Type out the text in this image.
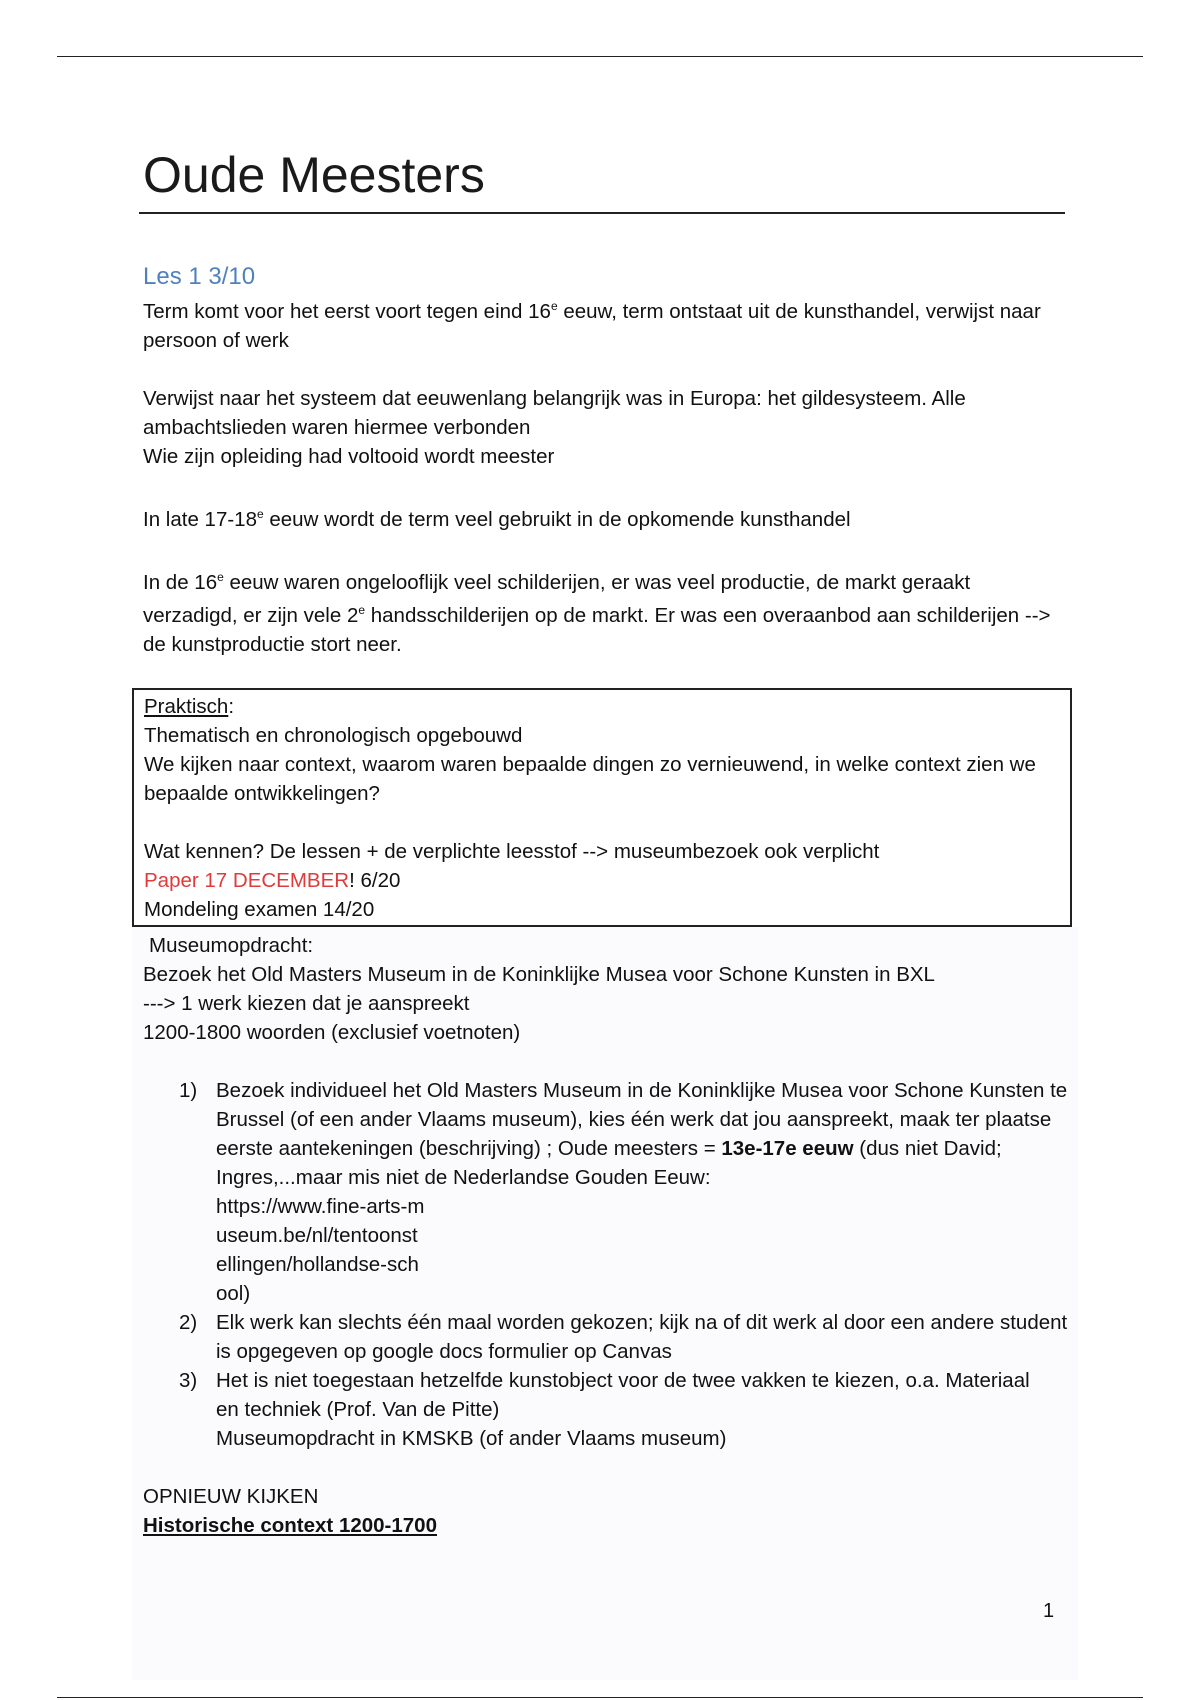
Oude Meesters
Les 1 3/10

Term komt voor het eerst voort tegen eind 16e eeuw, term ontstaat uit de kunsthandel, verwijst naar persoon of werk

Verwijst naar het systeem dat eeuwenlang belangrijk was in Europa: het gildesysteem. Alle ambachtslieden waren hiermee verbonden

Wie zijn opleiding had voltooid wordt meester

In late 17-18e eeuw wordt de term veel gebruikt in de opkomende kunsthandel

In de 16e eeuw waren ongelooflijk veel schilderijen, er was veel productie, de markt geraakt verzadigd, er zijn vele 2e handsschilderijen op de markt. Er was een overaanbod aan schilderijen --> de kunstproductie stort neer.

Praktisch:

Thematisch en chronologisch opgebouwd

We kijken naar context, waarom waren bepaalde dingen zo vernieuwend, in welke context zien we bepaalde ontwikkelingen?

Wat kennen? De lessen + de verplichte leesstof --> museumbezoek ook verplicht

Paper 17 DECEMBER! 6/20

Mondeling examen 14/20

Museumopdracht:

Bezoek het Old Masters Museum in de Koninklijke Musea voor Schone Kunsten in BXL

---> 1 werk kiezen dat je aanspreekt

1200-1800 woorden (exclusief voetnoten)

1) Bezoek individueel het Old Masters Museum in de Koninklijke Musea voor Schone Kunsten te Brussel (of een ander Vlaams museum), kies één werk dat jou aanspreekt, maak ter plaatse eerste aantekeningen (beschrijving) ; Oude meesters = 13e-17e eeuw (dus niet David; Ingres,...maar mis niet de Nederlandse Gouden Eeuw:
https://www.fine-arts-museum.be/nl/tentoonstellingen/hollandse-school)
2) Elk werk kan slechts één maal worden gekozen; kijk na of dit werk al door een andere student is opgegeven op google docs formulier op Canvas
3) Het is niet toegestaan hetzelfde kunstobject voor de twee vakken te kiezen, o.a. Materiaal
en techniek (Prof. Van de Pitte)
Museumopdracht in KMSKB (of ander Vlaams museum)

OPNIEUW KIJKEN

Historische context 1200-1700

1
